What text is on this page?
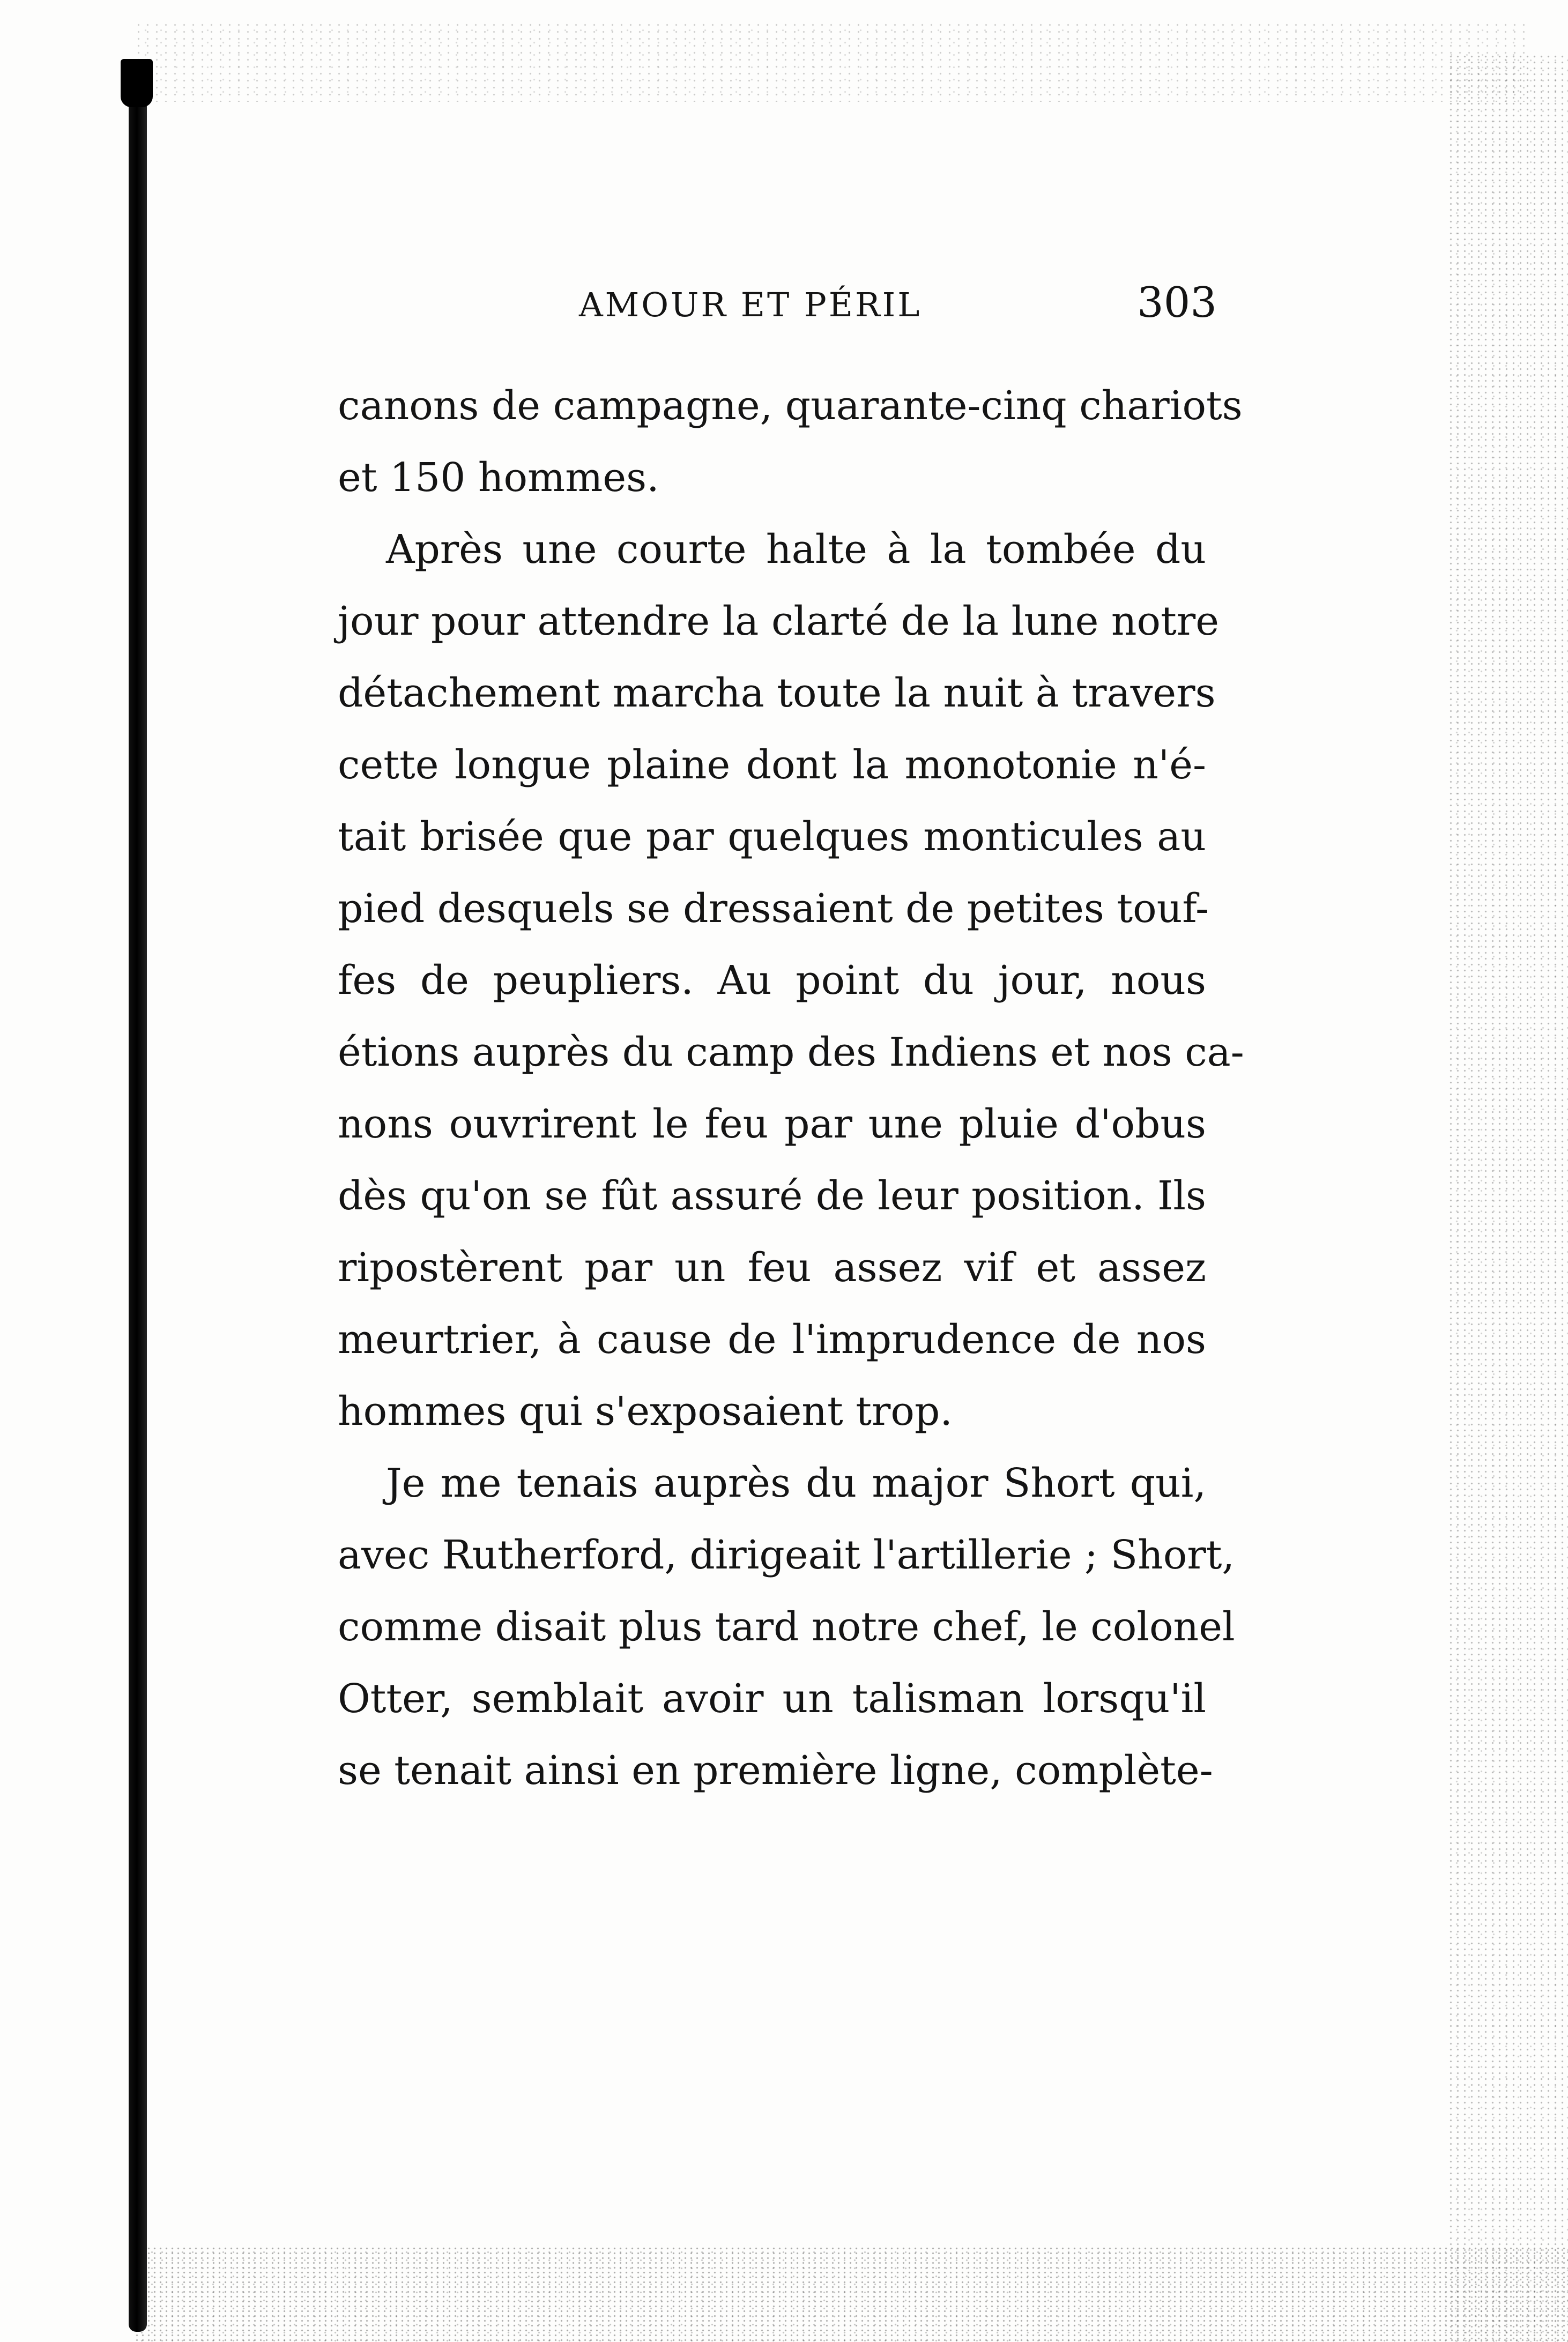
AMOUR ET PÉRIL	303
canons de campagne, quarante-cinq chariots
et 150 hommes.
Après une courte halte à la tombée du
jour pour attendre la clarté de la lune notre
détachement marcha toute la nuit à travers
cette longue plaine dont la monotonie n'é-
tait brisée que par quelques monticules au
pied desquels se dressaient de petites touf-
fes de peupliers. Au point du jour, nous
étions auprès du camp des Indiens et nos ca-
nons ouvrirent le feu par une pluie d'obus
dès qu'on se fût assuré de leur position. Ils
ripostèrent par un feu assez vif et assez
meurtrier, à cause de l'imprudence de nos
hommes qui s'exposaient trop.
Je me tenais auprès du major Short qui,
avec Rutherford, dirigeait l'artillerie ; Short,
comme disait plus tard notre chef, le colonel
Otter, semblait avoir un talisman lorsqu'il
se tenait ainsi en première ligne, complète-
